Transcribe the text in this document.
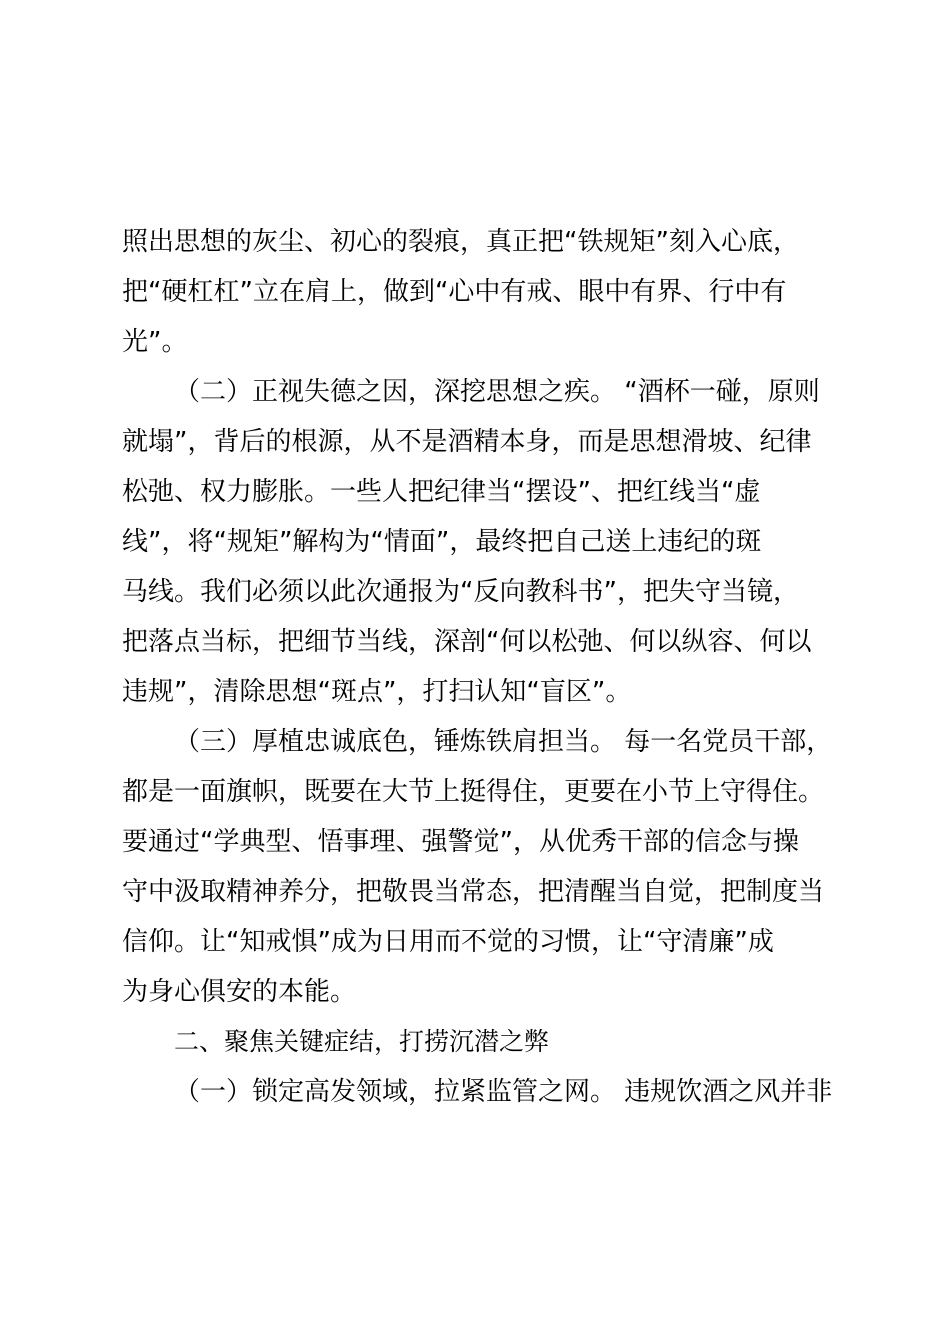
照出思想的灰尘、初心的裂痕，真正把“铁规矩”刻入心底，
把“硬杠杠”立在肩上，做到“心中有戒、眼中有界、行中有
光”。
（二）正视失德之因，深挖思想之疾。 “酒杯一碰，原则
就塌”，背后的根源，从不是酒精本身，而是思想滑坡、纪律
松弛、权力膨胀。一些人把纪律当“摆设”、把红线当“虚
线”，将“规矩”解构为“情面”，最终把自己送上违纪的斑
马线。我们必须以此次通报为“反向教科书”，把失守当镜，
把落点当标，把细节当线，深剖“何以松弛、何以纵容、何以
违规”，清除思想“斑点”，打扫认知“盲区”。
（三）厚植忠诚底色，锤炼铁肩担当。 每一名党员干部，
都是一面旗帜，既要在大节上挺得住，更要在小节上守得住。
要通过“学典型、悟事理、强警觉”，从优秀干部的信念与操
守中汲取精神养分，把敬畏当常态，把清醒当自觉，把制度当
信仰。让“知戒惧”成为日用而不觉的习惯，让“守清廉”成
为身心俱安的本能。
二、聚焦关键症结，打捞沉潜之弊
（一）锁定高发领域，拉紧监管之网。 违规饮酒之风并非
